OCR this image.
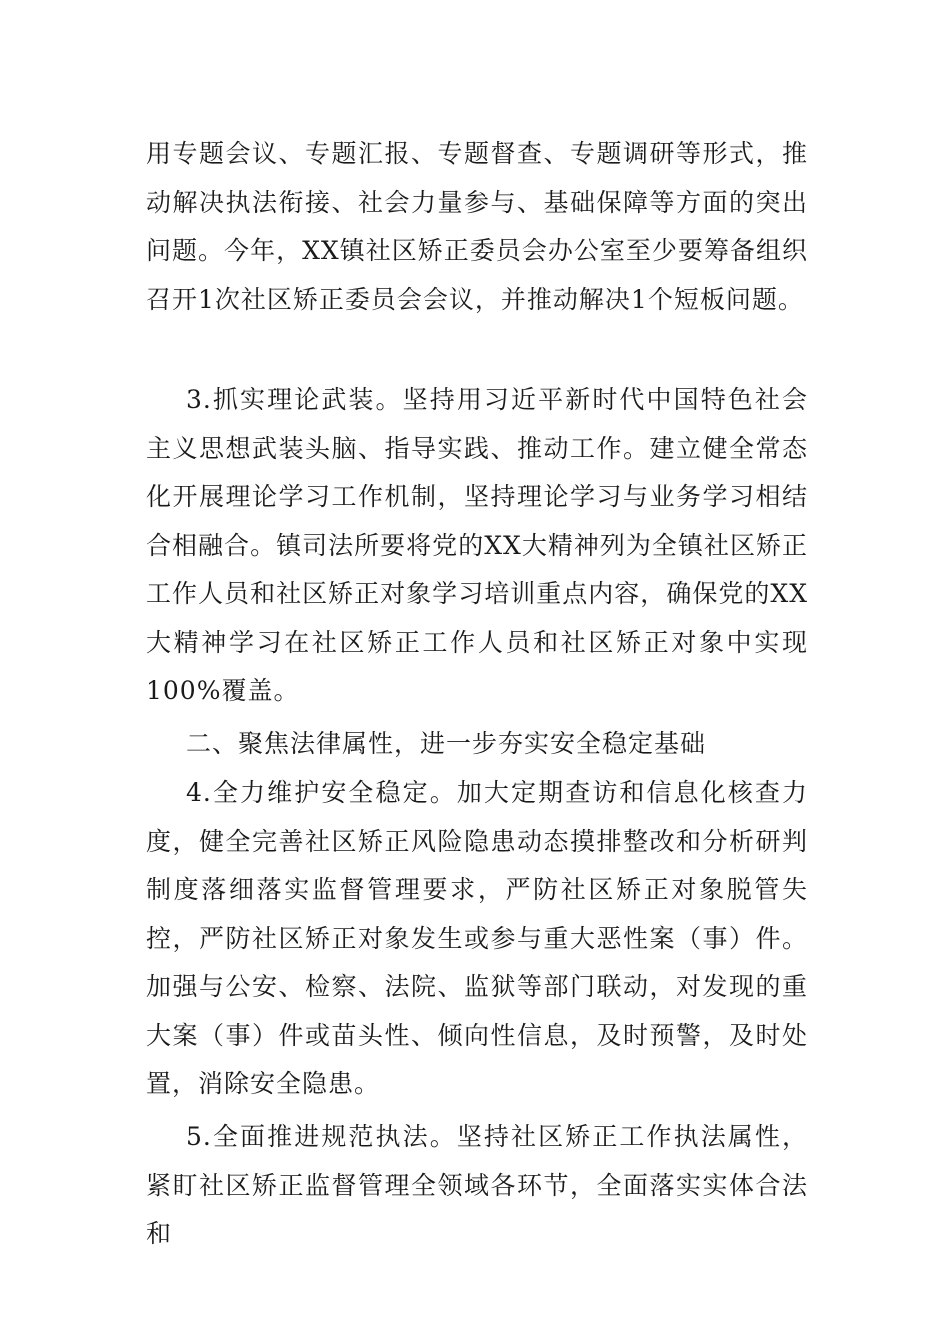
用专题会议、专题汇报、专题督查、专题调研等形式，推动解决执法衔接、社会力量参与、基础保障等方面的突出问题。今年，XX镇社区矫正委员会办公室至少要筹备组织召开1次社区矫正委员会会议，并推动解决1个短板问题。

3.抓实理论武装。坚持用习近平新时代中国特色社会主义思想武装头脑、指导实践、推动工作。建立健全常态化开展理论学习工作机制，坚持理论学习与业务学习相结合相融合。镇司法所要将党的XX大精神列为全镇社区矫正工作人员和社区矫正对象学习培训重点内容，确保党的XX大精神学习在社区矫正工作人员和社区矫正对象中实现100%覆盖。

二、聚焦法律属性，进一步夯实安全稳定基础

4.全力维护安全稳定。加大定期查访和信息化核查力度，健全完善社区矫正风险隐患动态摸排整改和分析研判制度落细落实监督管理要求，严防社区矫正对象脱管失控，严防社区矫正对象发生或参与重大恶性案（事）件。加强与公安、检察、法院、监狱等部门联动，对发现的重大案（事）件或苗头性、倾向性信息，及时预警，及时处置，消除安全隐患。

5.全面推进规范执法。坚持社区矫正工作执法属性，紧盯社区矫正监督管理全领域各环节，全面落实实体合法和
